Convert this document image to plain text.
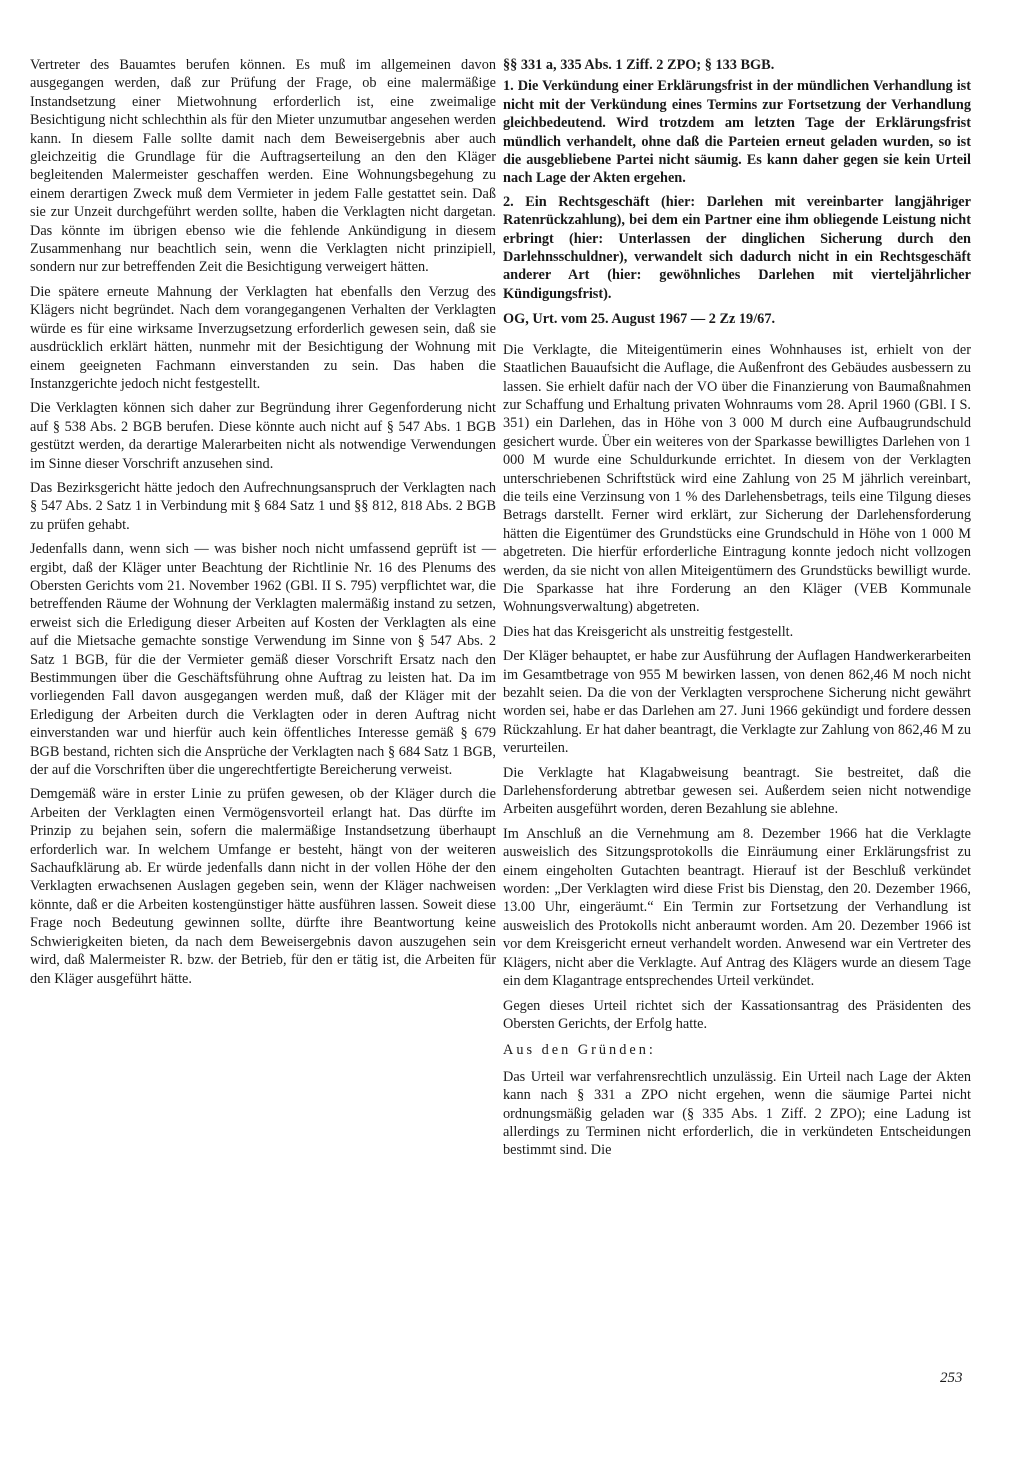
Vertreter des Bauamtes berufen können. Es muß im allgemeinen davon ausgegangen werden, daß zur Prüfung der Frage, ob eine malermäßige Instandsetzung einer Mietwohnung erforderlich ist, eine zweimalige Besichtigung nicht schlechthin als für den Mieter unzumutbar angesehen werden kann. In diesem Falle sollte damit nach dem Beweisergebnis aber auch gleichzeitig die Grundlage für die Auftragserteilung an den den Kläger begleitenden Malermeister geschaffen werden. Eine Wohnungsbegehung zu einem derartigen Zweck muß dem Vermieter in jedem Falle gestattet sein. Daß sie zur Unzeit durchgeführt werden sollte, haben die Verklagten nicht dargetan. Das könnte im übrigen ebenso wie die fehlende Ankündigung in diesem Zusammenhang nur beachtlich sein, wenn die Verklagten nicht prinzipiell, sondern nur zur betreffenden Zeit die Besichtigung verweigert hätten.

Die spätere erneute Mahnung der Verklagten hat ebenfalls den Verzug des Klägers nicht begründet. Nach dem vorangegangenen Verhalten der Verklagten würde es für eine wirksame Inverzugsetzung erforderlich gewesen sein, daß sie ausdrücklich erklärt hätten, nunmehr mit der Besichtigung der Wohnung mit einem geeigneten Fachmann einverstanden zu sein. Das haben die Instanzgerichte jedoch nicht festgestellt.

Die Verklagten können sich daher zur Begründung ihrer Gegenforderung nicht auf § 538 Abs. 2 BGB berufen. Diese könnte auch nicht auf § 547 Abs. 1 BGB gestützt werden, da derartige Malerarbeiten nicht als notwendige Verwendungen im Sinne dieser Vorschrift anzusehen sind.

Das Bezirksgericht hätte jedoch den Aufrechnungsanspruch der Verklagten nach § 547 Abs. 2 Satz 1 in Verbindung mit § 684 Satz 1 und §§ 812, 818 Abs. 2 BGB zu prüfen gehabt.

Jedenfalls dann, wenn sich — was bisher noch nicht umfassend geprüft ist — ergibt, daß der Kläger unter Beachtung der Richtlinie Nr. 16 des Plenums des Obersten Gerichts vom 21. November 1962 (GBl. II S. 795) verpflichtet war, die betreffenden Räume der Wohnung der Verklagten malermäßig instand zu setzen, erweist sich die Erledigung dieser Arbeiten auf Kosten der Verklagten als eine auf die Mietsache gemachte sonstige Verwendung im Sinne von § 547 Abs. 2 Satz 1 BGB, für die der Vermieter gemäß dieser Vorschrift Ersatz nach den Bestimmungen über die Geschäftsführung ohne Auftrag zu leisten hat. Da im vorliegenden Fall davon ausgegangen werden muß, daß der Kläger mit der Erledigung der Arbeiten durch die Verklagten oder in deren Auftrag nicht einverstanden war und hierfür auch kein öffentliches Interesse gemäß § 679 BGB bestand, richten sich die Ansprüche der Verklagten nach § 684 Satz 1 BGB, der auf die Vorschriften über die ungerechtfertigte Bereicherung verweist.

Demgemäß wäre in erster Linie zu prüfen gewesen, ob der Kläger durch die Arbeiten der Verklagten einen Vermögensvorteil erlangt hat. Das dürfte im Prinzip zu bejahen sein, sofern die malermäßige Instandsetzung überhaupt erforderlich war. In welchem Umfange er besteht, hängt von der weiteren Sachaufklärung ab. Er würde jedenfalls dann nicht in der vollen Höhe der den Verklagten erwachsenen Auslagen gegeben sein, wenn der Kläger nachweisen könnte, daß er die Arbeiten kostengünstiger hätte ausführen lassen. Soweit diese Frage noch Bedeutung gewinnen sollte, dürfte ihre Beantwortung keine Schwierigkeiten bieten, da nach dem Beweisergebnis davon auszugehen sein wird, daß Malermeister R. bzw. der Betrieb, für den er tätig ist, die Arbeiten für den Kläger ausgeführt hätte.

§§ 331 a, 335 Abs. 1 Ziff. 2 ZPO; § 133 BGB.

1. Die Verkündung einer Erklärungsfrist in der mündlichen Verhandlung ist nicht mit der Verkündung eines Termins zur Fortsetzung der Verhandlung gleichbedeutend. Wird trotzdem am letzten Tage der Erklärungsfrist mündlich verhandelt, ohne daß die Parteien erneut geladen wurden, so ist die ausgebliebene Partei nicht säumig. Es kann daher gegen sie kein Urteil nach Lage der Akten ergehen.

2. Ein Rechtsgeschäft (hier: Darlehen mit vereinbarter langjähriger Ratenrückzahlung), bei dem ein Partner eine ihm obliegende Leistung nicht erbringt (hier: Unterlassen der dinglichen Sicherung durch den Darlehnsschuldner), verwandelt sich dadurch nicht in ein Rechtsgeschäft anderer Art (hier: gewöhnliches Darlehen mit vierteljährlicher Kündigungsfrist).

OG, Urt. vom 25. August 1967 — 2 Zz 19/67.

Die Verklagte, die Miteigentümerin eines Wohnhauses ist, erhielt von der Staatlichen Bauaufsicht die Auflage, die Außenfront des Gebäudes ausbessern zu lassen. Sie erhielt dafür nach der VO über die Finanzierung von Baumaßnahmen zur Schaffung und Erhaltung privaten Wohnraums vom 28. April 1960 (GBl. I S. 351) ein Darlehen, das in Höhe von 3 000 M durch eine Aufbaugrundschuld gesichert wurde. Über ein weiteres von der Sparkasse bewilligtes Darlehen von 1 000 M wurde eine Schuldurkunde errichtet. In diesem von der Verklagten unterschriebenen Schriftstück wird eine Zahlung von 25 M jährlich vereinbart, die teils eine Verzinsung von 1 % des Darlehensbetrags, teils eine Tilgung dieses Betrags darstellt. Ferner wird erklärt, zur Sicherung der Darlehensforderung hätten die Eigentümer des Grundstücks eine Grundschuld in Höhe von 1 000 M abgetreten. Die hierfür erforderliche Eintragung konnte jedoch nicht vollzogen werden, da sie nicht von allen Miteigentümern des Grundstücks bewilligt wurde. Die Sparkasse hat ihre Forderung an den Kläger (VEB Kommunale Wohnungsverwaltung) abgetreten.

Dies hat das Kreisgericht als unstreitig festgestellt.

Der Kläger behauptet, er habe zur Ausführung der Auflagen Handwerkerarbeiten im Gesamtbetrage von 955 M bewirken lassen, von denen 862,46 M noch nicht bezahlt seien. Da die von der Verklagten versprochene Sicherung nicht gewährt worden sei, habe er das Darlehen am 27. Juni 1966 gekündigt und fordere dessen Rückzahlung. Er hat daher beantragt, die Verklagte zur Zahlung von 862,46 M zu verurteilen.

Die Verklagte hat Klagabweisung beantragt. Sie bestreitet, daß die Darlehensforderung abtretbar gewesen sei. Außerdem seien nicht notwendige Arbeiten ausgeführt worden, deren Bezahlung sie ablehne.

Im Anschluß an die Vernehmung am 8. Dezember 1966 hat die Verklagte ausweislich des Sitzungsprotokolls die Einräumung einer Erklärungsfrist zu einem eingeholten Gutachten beantragt. Hierauf ist der Beschluß verkündet worden: „Der Verklagten wird diese Frist bis Dienstag, den 20. Dezember 1966, 13.00 Uhr, eingeräumt.“ Ein Termin zur Fortsetzung der Verhandlung ist ausweislich des Protokolls nicht anberaumt worden. Am 20. Dezember 1966 ist vor dem Kreisgericht erneut verhandelt worden. Anwesend war ein Vertreter des Klägers, nicht aber die Verklagte. Auf Antrag des Klägers wurde an diesem Tage ein dem Klagantrage entsprechendes Urteil verkündet.

Gegen dieses Urteil richtet sich der Kassationsantrag des Präsidenten des Obersten Gerichts, der Erfolg hatte.

Aus den Gründen:

Das Urteil war verfahrensrechtlich unzulässig. Ein Urteil nach Lage der Akten kann nach § 331 a ZPO nicht ergehen, wenn die säumige Partei nicht ordnungsmäßig geladen war (§ 335 Abs. 1 Ziff. 2 ZPO); eine Ladung ist allerdings zu Terminen nicht erforderlich, die in verkündeten Entscheidungen bestimmt sind. Die

253
